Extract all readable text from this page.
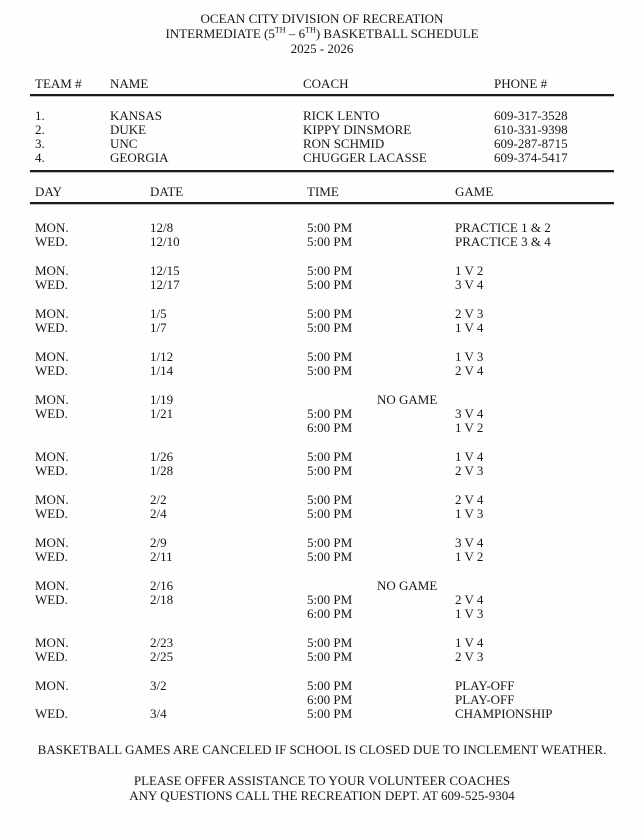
OCEAN CITY DIVISION OF RECREATION
INTERMEDIATE (5TH – 6TH) BASKETBALL SCHEDULE
2025 - 2026
TEAM # NAME	COACH	PHONE #
1.	KANSAS	RICK LENTO	609-317-3528
2.	DUKE	KIPPY DINSMORE	610-331-9398
3.	UNC	RON SCHMID	609-287-8715
4.	GEORGIA	CHUGGER LACASSE	609-374-5417
DAY	DATE	TIME	GAME
MON.	12/8	5:00 PM	PRACTICE 1 & 2
WED.	12/10	5:00 PM	PRACTICE 3 & 4
MON.	12/15	5:00 PM	1 V 2
WED.	12/17	5:00 PM	3 V 4
MON.	1/5	5:00 PM	2 V 3
WED.	1/7	5:00 PM	1 V 4
MON.	1/12	5:00 PM	1 V 3
WED.	1/14	5:00 PM	2 V 4
MON.	1/19	NO GAME
WED.	1/21	5:00 PM	3 V 4
6:00 PM	1 V 2
MON.	1/26	5:00 PM	1 V 4
WED.	1/28	5:00 PM	2 V 3
MON.	2/2	5:00 PM	2 V 4
WED.	2/4	5:00 PM	1 V 3
MON.	2/9	5:00 PM	3 V 4
WED.	2/11	5:00 PM	1 V 2
MON.	2/16	NO GAME
WED.	2/18	5:00 PM	2 V 4
6:00 PM	1 V 3
MON.	2/23	5:00 PM	1 V 4
WED.	2/25	5:00 PM	2 V 3
MON.	3/2	5:00 PM	PLAY-OFF
6:00 PM	PLAY-OFF
WED.	3/4	5:00 PM	CHAMPIONSHIP
BASKETBALL GAMES ARE CANCELED IF SCHOOL IS CLOSED DUE TO INCLEMENT WEATHER.
PLEASE OFFER ASSISTANCE TO YOUR VOLUNTEER COACHES
ANY QUESTIONS CALL THE RECREATION DEPT. AT 609-525-9304
